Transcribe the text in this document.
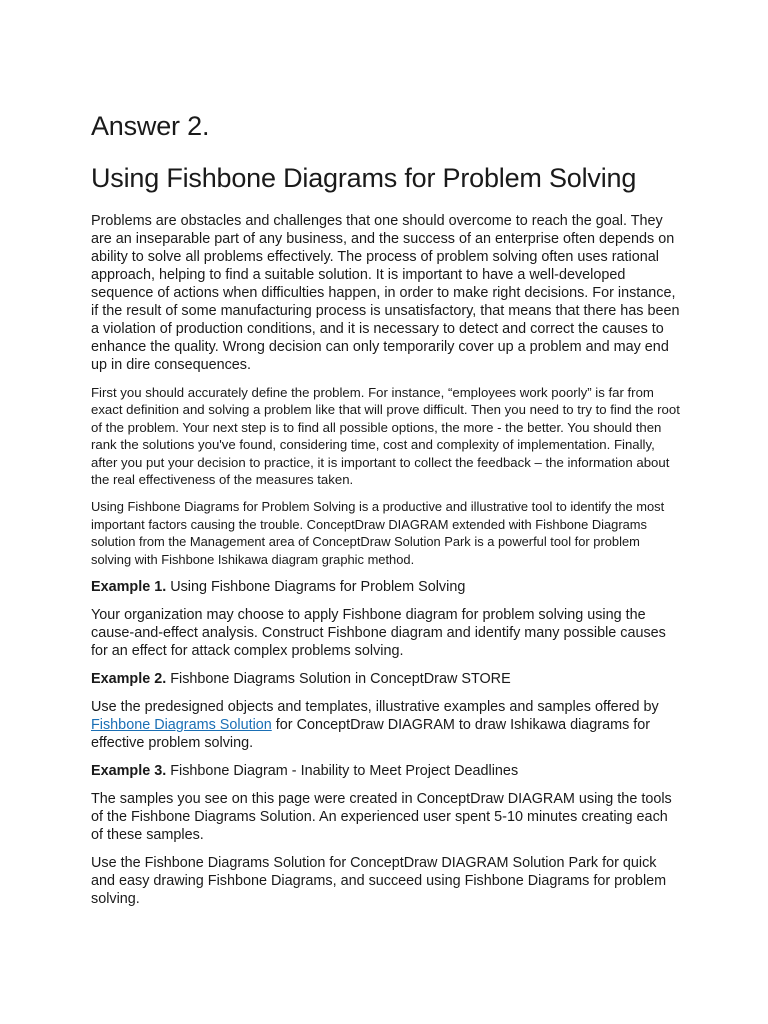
Answer 2.
Using Fishbone Diagrams for Problem Solving

Problems are obstacles and challenges that one should overcome to reach the goal. They are an inseparable part of any business, and the success of an enterprise often depends on ability to solve all problems effectively. The process of problem solving often uses rational approach, helping to find a suitable solution. It is important to have a well-developed sequence of actions when difficulties happen, in order to make right decisions. For instance, if the result of some manufacturing process is unsatisfactory, that means that there has been a violation of production conditions, and it is necessary to detect and correct the causes to enhance the quality. Wrong decision can only temporarily cover up a problem and may end up in dire consequences.

First you should accurately define the problem. For instance, “employees work poorly” is far from exact definition and solving a problem like that will prove difficult. Then you need to try to find the root of the problem. Your next step is to find all possible options, the more - the better. You should then rank the solutions you've found, considering time, cost and complexity of implementation. Finally, after you put your decision to practice, it is important to collect the feedback – the information about the real effectiveness of the measures taken.

Using Fishbone Diagrams for Problem Solving is a productive and illustrative tool to identify the most important factors causing the trouble. ConceptDraw DIAGRAM extended with Fishbone Diagrams solution from the Management area of ConceptDraw Solution Park is a powerful tool for problem solving with Fishbone Ishikawa diagram graphic method.

Example 1. Using Fishbone Diagrams for Problem Solving

Your organization may choose to apply Fishbone diagram for problem solving using the cause-and-effect analysis. Construct Fishbone diagram and identify many possible causes for an effect for attack complex problems solving.

Example 2. Fishbone Diagrams Solution in ConceptDraw STORE

Use the predesigned objects and templates, illustrative examples and samples offered by Fishbone Diagrams Solution for ConceptDraw DIAGRAM to draw Ishikawa diagrams for effective problem solving.

Example 3. Fishbone Diagram - Inability to Meet Project Deadlines

The samples you see on this page were created in ConceptDraw DIAGRAM using the tools of the Fishbone Diagrams Solution. An experienced user spent 5-10 minutes creating each of these samples.

Use the Fishbone Diagrams Solution for ConceptDraw DIAGRAM Solution Park for quick and easy drawing Fishbone Diagrams, and succeed using Fishbone Diagrams for problem solving.
